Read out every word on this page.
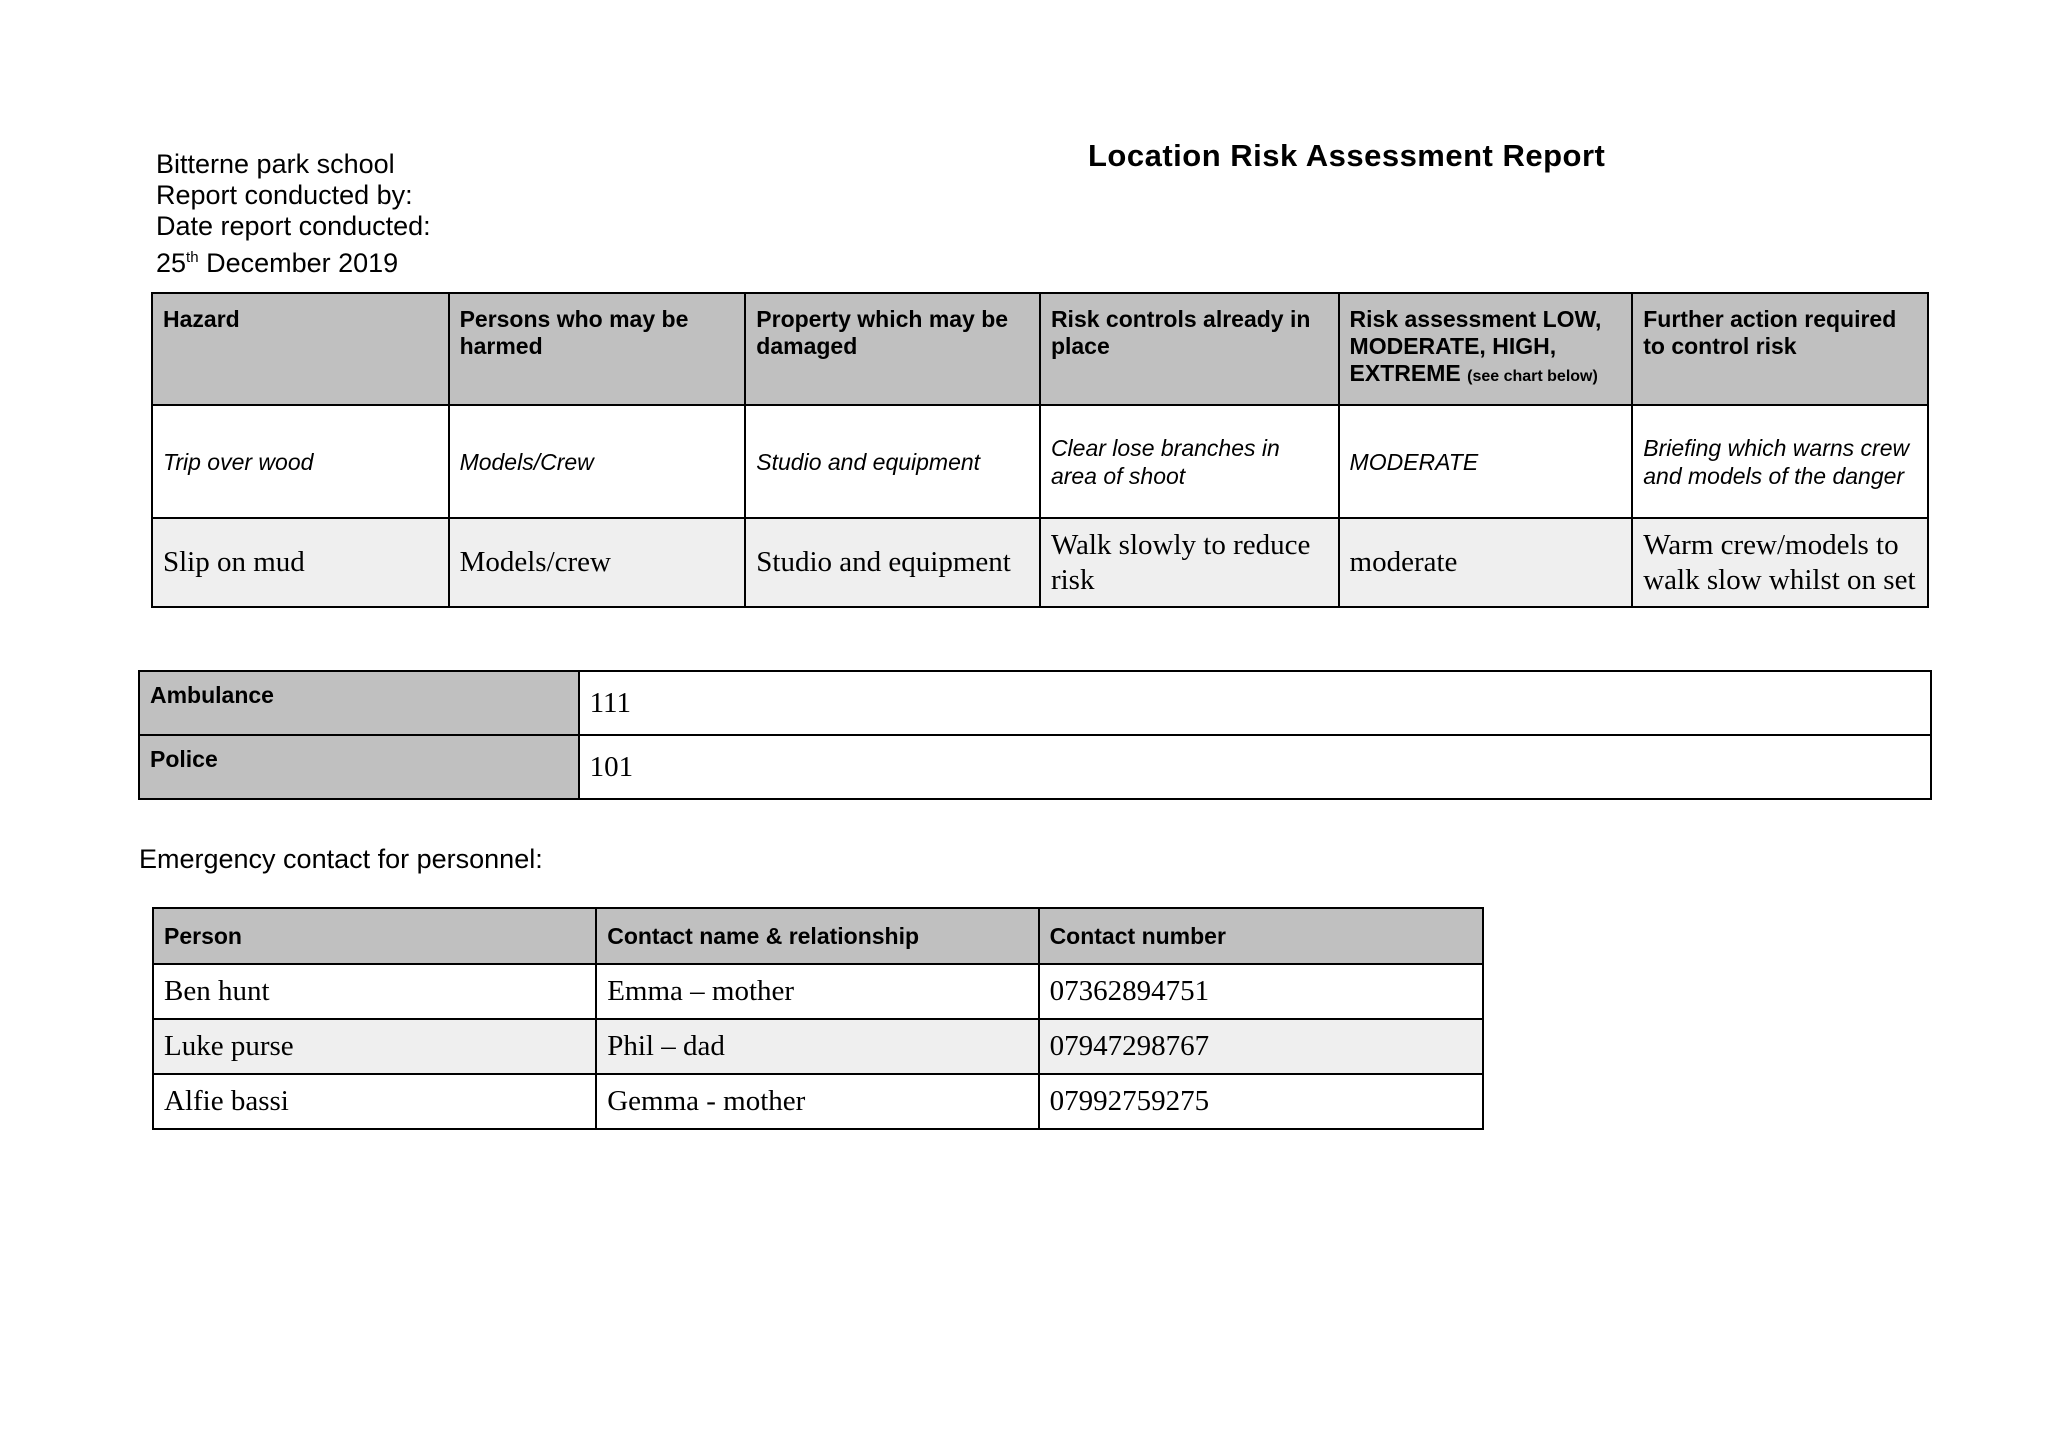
Bitterne park school
Report conducted by:
Date report conducted:
25th December 2019
Location Risk Assessment Report
Hazard	Persons who may be harmed	Property which may be damaged	Risk controls already in place	Risk assessment LOW, MODERATE, HIGH, EXTREME (see chart below)	Further action required to control risk
Trip over wood	Models/Crew	Studio and equipment	Clear lose branches in area of shoot	MODERATE	Briefing which warns crew and models of the danger
Slip on mud	Models/crew	Studio and equipment	Walk slowly to reduce risk	moderate	Warm crew/models to walk slow whilst on set
Ambulance	111
Police	101
Emergency contact for personnel:
Person	Contact name & relationship	Contact number
Ben hunt	Emma – mother	07362894751
Luke purse	Phil – dad	07947298767
Alfie bassi	Gemma - mother	07992759275
